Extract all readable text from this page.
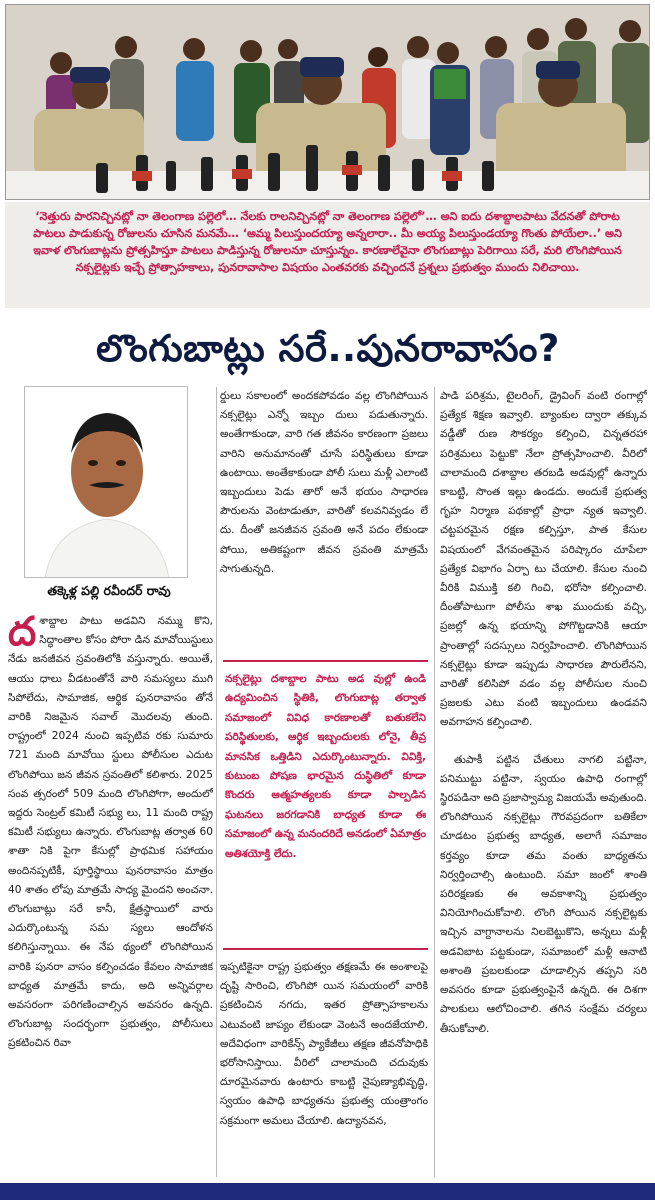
‘నెత్తురు పారనిచ్చినట్లో నా తెలంగాణ పల్లెలో… నేలకు రాలనిచ్చినట్లో నా తెలంగాణ పల్లెలో’… అని ఐదు దశాబ్దాలపాటు వేదనతో పోరాట పాటలు పాడుకున్న రోజులను చూసిన మనమే… ‘అమ్మ పిలుస్తుందయ్యా అన్నలారా.. మీ అయ్య పిలుస్తుండయ్యా గొంతు పోయేలా..’ అని ఇవాళ లొంగుబాట్లను ప్రోత్సహిస్తూ పాటలు పాడిస్తున్న రోజులనూ చూస్తున్నం. కారణాలేవైనా లొంగుబాట్లు పెరిగాయి సరే, మరి లొంగిపోయిన నక్సలైట్లకు ఇచ్చే ప్రోత్సాహకాలు, పునరావాసాల విషయం ఎంతవరకు వచ్చిందనే ప్రశ్నలు ప్రభుత్వం ముందు నిలిచాయి.

లొంగుబాట్లు సరే..పునరావాసం?
తక్కెళ్ల పల్లి రవీందర్ రావు
ద శాబ్దాల పాటు అడవిని నమ్ము కొని, సిద్ధాంతాల కోసం పోరా డిన మావోయిస్టులు నేడు జనజీవన స్రవంతిలోకి వస్తున్నారు. అయితే, ఆయు ధాలు వీడటంతోనే వారి సమస్యలు ముగి సిపోలేదు, సామాజిక, ఆర్థిక పునరావాసం తోనే వారికి నిజమైన సవాల్ మొదలవు తుంది. రాష్ట్రంలో 2024 నుంచి ఇప్పటివ రకు సుమారు 721 మంది మావోయి స్టులు పోలీసుల ఎదుట లొంగిపోయి జన జీవన స్రవంతిలో కలిశారు. 2025 సంవ త్సరంలో 509 మంది లొంగిపోగా, అందులో ఇద్దరు సెంట్రల్ కమిటీ సభ్యు లు, 11 మంది రాష్ట్ర కమిటీ సభ్యులు ఉన్నారు. లొంగుబాట్ల తర్వాత 60 శాతా నికి పైగా కేసుల్లో ప్రాథమిక సహాయం అందినప్పటికీ, పూర్తిస్థాయి పునరావాసం మాత్రం 40 శాతం లోపు మాత్రమే సాధ్య మైందని అంచనా. లొంగుబాట్లు సరే కానీ, క్షేత్రస్థాయిలో వారు ఎదుర్కొంటున్న సమ స్యలు ఆందోళన కలిగిస్తున్నాయి. ఈ నేప థ్యంలో లొంగిపోయిన వారికి పునరా వాసం కల్పించడం కేవలం సామాజిక బాధ్యత మాత్రమే కాదు, అది అన్నివర్గాల అవసరంగా పరిగణించాల్సిన అవసరం ఉన్నది. లొంగుబాట్ల సందర్భంగా ప్రభుత్వం, పోలీసులు ప్రకటించిన రివా

ర్డులు సకాలంలో అందకపోవడం వల్ల లొంగిపోయిన నక్సలైట్లు ఎన్నో ఇబ్బం దులు పడుతున్నారు. అంతేగాకుండా, వారి గత జీవనం కారణంగా ప్రజలు వారిని అనుమానంతో చూసే పరిస్థితులు కూడా ఉంటాయి. అంతేకాకుండా పోలీ సులు మళ్లీ ఎలాంటి ఇబ్బందులు పెడు తారో అనే భయం సాధారణ పౌరులను వెంటాడుతూ, వారితో కలవనివ్వడం లే దు. దీంతో జనజీవన స్రవంతి అనే పదం లేకుండా పోయి, అతికష్టంగా జీవన స్రవంతి మాత్రమే సాగుతున్నది.

నక్సలైట్లు దశాబ్దాల పాటు అడ వుల్లో ఉండి ఉద్యమించిన స్థితికి, లొంగుబాట్ల తర్వాత సమాజంలో వివిధ కారణాలతో బతుకలేని పరిస్థితులకు, ఆర్థిక ఇబ్బందులకు లోనై, తీవ్ర మానసిక ఒత్తిడిని ఎదుర్కొంటున్నారు. వివిక్తి, కుటుంబ పోషణ భారమైన దుస్థితిలో కూడా కొందరు ఆత్మహత్యలకు కూడా పాల్పడిన ఘటనలు జరగడానికి బాధ్యత కూడా ఈ సమాజంలో ఉన్న మనందరిదే అనడంలో ఏమాత్రం అతిశయోక్తి లేదు.
ఇప్పటికైనా రాష్ట్ర ప్రభుత్వం తక్షణమే ఈ అంశాలపై దృష్టి సారించి, లొంగిపో యిన సమయంలో వారికి ప్రకటించిన నగదు, ఇతర ప్రోత్సాహకాలను ఎటువంటి జాప్యం లేకుండా వెంటనే అందజేయాలి. అదేవిధంగా వారికేన్స్ ప్యాకేజీలు తక్షణ జీవనోపాధికి భరోసానిస్తాయి. వీరిలో చాలామంది చదువుకు దూరమైనవారు ఉంటారు కాబట్టి నైపుణ్యాభివృద్ధి, స్వయం ఉపాధి బాధ్యతను ప్రభుత్వ యంత్రాంగం సక్రమంగా అమలు చేయాలి. ఉద్యానవన,

పాడి పరిశ్రమ, టైలరింగ్, డ్రైవింగ్ వంటి రంగాల్లో ప్రత్యేక శిక్షణ ఇవ్వాలి. బ్యాంకుల ద్వారా తక్కువ వడ్డీతో రుణ సౌకర్యం కల్పించి, చిన్నతరహా పరిశ్రమలు పెట్టుకొ నేలా ప్రోత్సహించాలి. వీరిలో చాలామంది దశాబ్దాల తరబడి అడవుల్లో ఉన్నారు కాబట్టి, సొంత ఇల్లు ఉండదు. అందుకే ప్రభుత్వ గృహ నిర్మాణ పథకాల్లో ప్రాధా న్యత ఇవ్వాలి. చట్టపరమైన రక్షణ కల్పిస్తూ, పాత కేసుల విషయంలో వేగవంతమైన పరిష్కారం చూపేలా ప్రత్యేక విభాగం ఏర్పా టు చేయాలి. కేసుల నుంచి వీరికి విముక్తి కలి గించి, భరోసా కల్పించాలి. దీంతోపాటుగా పోలీసు శాఖ ముందుకు వచ్చి, ప్రజల్లో ఉన్న భయాన్ని పోగొట్టడానికి ఆయా ప్రాంతాల్లో సదస్సులు నిర్వహించాలి. లొంగిపోయిన నక్సలైట్లు కూడా ఇప్పుడు సాధారణ పౌరులేనని, వారితో కలిసిపో వడం వల్ల పోలీసుల నుంచి ప్రజలకు ఎటు వంటి ఇబ్బందులు ఉండవని అవగాహన కల్పించాలి.

తుపాకీ పట్టిన చేతులు నాగలి పట్టినా, పనిముట్టు పట్టినా, స్వయం ఉపాధి రంగాల్లో స్థిరపడినా అది ప్రజాస్వామ్య విజయమే అవుతుంది. లొంగిపోయిన నక్సలైట్లు గౌరవప్రదంగా బతికేలా చూడటం ప్రభుత్వ బాధ్యత, అలాగే సమాజం కర్తవ్యం కూడా తమ వంతు బాధ్యతను నిర్వర్తించాల్సి ఉంటుంది. సమా జంలో శాంతి పరిరక్షణకు ఈ అవకాశాన్ని ప్రభుత్వం వినియోగించుకోవాలి. లొంగి పోయిన నక్సలైట్లకు ఇచ్చిన వాగ్దానాలను నిలబెట్టుకొని, అన్నలు మళ్లీ అడవిబాట పట్టకుండా, సమాజంలో మళ్లీ ఆనాటి అశాంతి ప్రబలకుండా చూడాల్సిన తప్పని సరి అవసరం కూడా ప్రభుత్వంపైనే ఉన్నది. ఈ దిశగా పాలకులు ఆలోచించాలి. తగిన సంక్షేమ చర్యలు తీసుకోవాలి.
